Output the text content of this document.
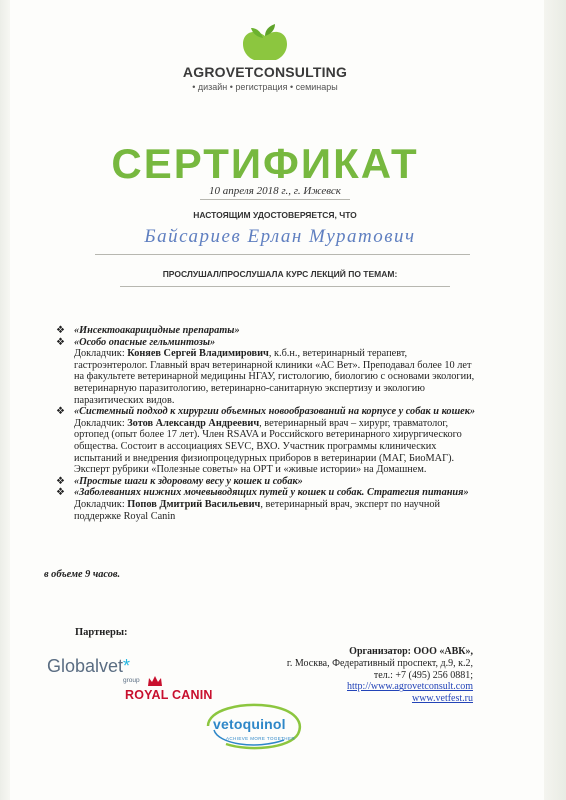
AGROVETCONSULTING
• дизайн • регистрация • семинары
СЕРТИФИКАТ
10 апреля 2018 г., г. Ижевск
НАСТОЯЩИМ УДОСТОВЕРЯЕТСЯ, ЧТО
Байсариев Ерлан Муратович
ПРОСЛУШАЛ/ПРОСЛУШАЛА КУРС ЛЕКЦИЙ ПО ТЕМАМ:
❖ «Инсектоакарицидные препараты»
❖ «Особо опасные гельминтозы»
Докладчик: Коняев Сергей Владимирович, к.б.н., ветеринарный терапевт, гастроэнтеролог. Главный врач ветеринарной клиники «АС Вет». Преподавал более 10 лет на факультете ветеринарной медицины НГАУ, гистологию, биологию с основами экологии, ветеринарную паразитологию, ветеринарно-санитарную экспертизу и экологию паразитических видов.
❖ «Системный подход к хирургии объемных новообразований на корпусе у собак и кошек»
Докладчик: Зотов Александр Андреевич, ветеринарный врач – хирург, травматолог, ортопед (опыт более 17 лет). Член RSAVA и Российского ветеринарного хирургического общества. Состоит в ассоциациях SEVC, ВХО. Участник программы клинических испытаний и внедрения физиопроцедурных приборов в ветеринарии (МАГ, БиоМАГ). Эксперт рубрики «Полезные советы» на ОРТ и «живые истории» на Домашнем.
❖ «Простые шаги к здоровому весу у кошек и собак»
❖ «Заболеваниях нижних мочевыводящих путей у кошек и собак. Стратегия питания»
Докладчик: Попов Дмитрий Васильевич, ветеринарный врач, эксперт по научной поддержке Royal Canin
в объеме 9 часов.
Партнеры:
Globalvet*
group
ROYAL CANIN
vetoquinol
ACHIEVE MORE TOGETHER
Организатор: ООО «АВК»,
г. Москва, Федеративный проспект, д.9, к.2,
тел.: +7 (495) 256 0881;
http://www.agrovetconsult.com
www.vetfest.ru
